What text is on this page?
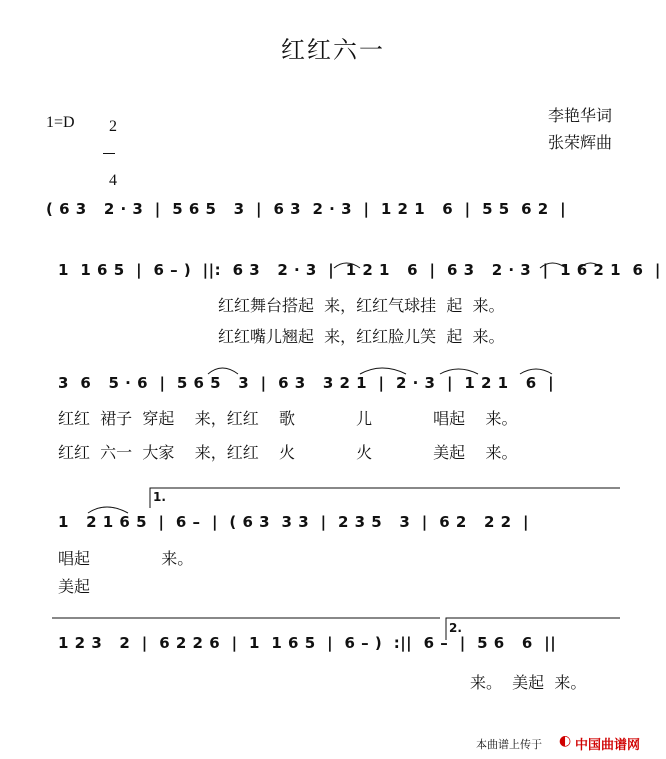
红红六一
1=D	2

4

李艳华词
张荣辉曲
( 6 3   2 · 3  |  5 6 5   3  |  6 3  2 · 3  |  1 2 1   6  |  5 5  6 2  |
1  1 6 5  |  6 – )  ||:  6 3   2 · 3  |  1 2 1   6  |  6 3   2 · 3  |  1 6 2 1  6  |
3  6   5 · 6  |  5 6 5   3  |  6 3   3 2 1  |  2 · 3  |  1 2 1   6  |
1   2 1 6 5  |  6 –  |  ( 6 3  3 3  |  2 3 5   3  |  6 2   2 2  |
1 2 3   2  |  6 2 2 6  |  1  1 6 5  |  6 – )  :||  6 –  |  5 6   6  ||
红红舞台搭起  来，红红气球挂  起  来。
红红嘴儿翘起  来，红红脸儿笑  起  来。
红红  裙子  穿起    来，红红    歌            儿            唱起    来。
红红  六一  大家    来，红红    火            火            美起    来。
唱起              来。
美起
来。  美起  来。
1.
2.
本曲谱上传于 ◐ 中国曲谱网
